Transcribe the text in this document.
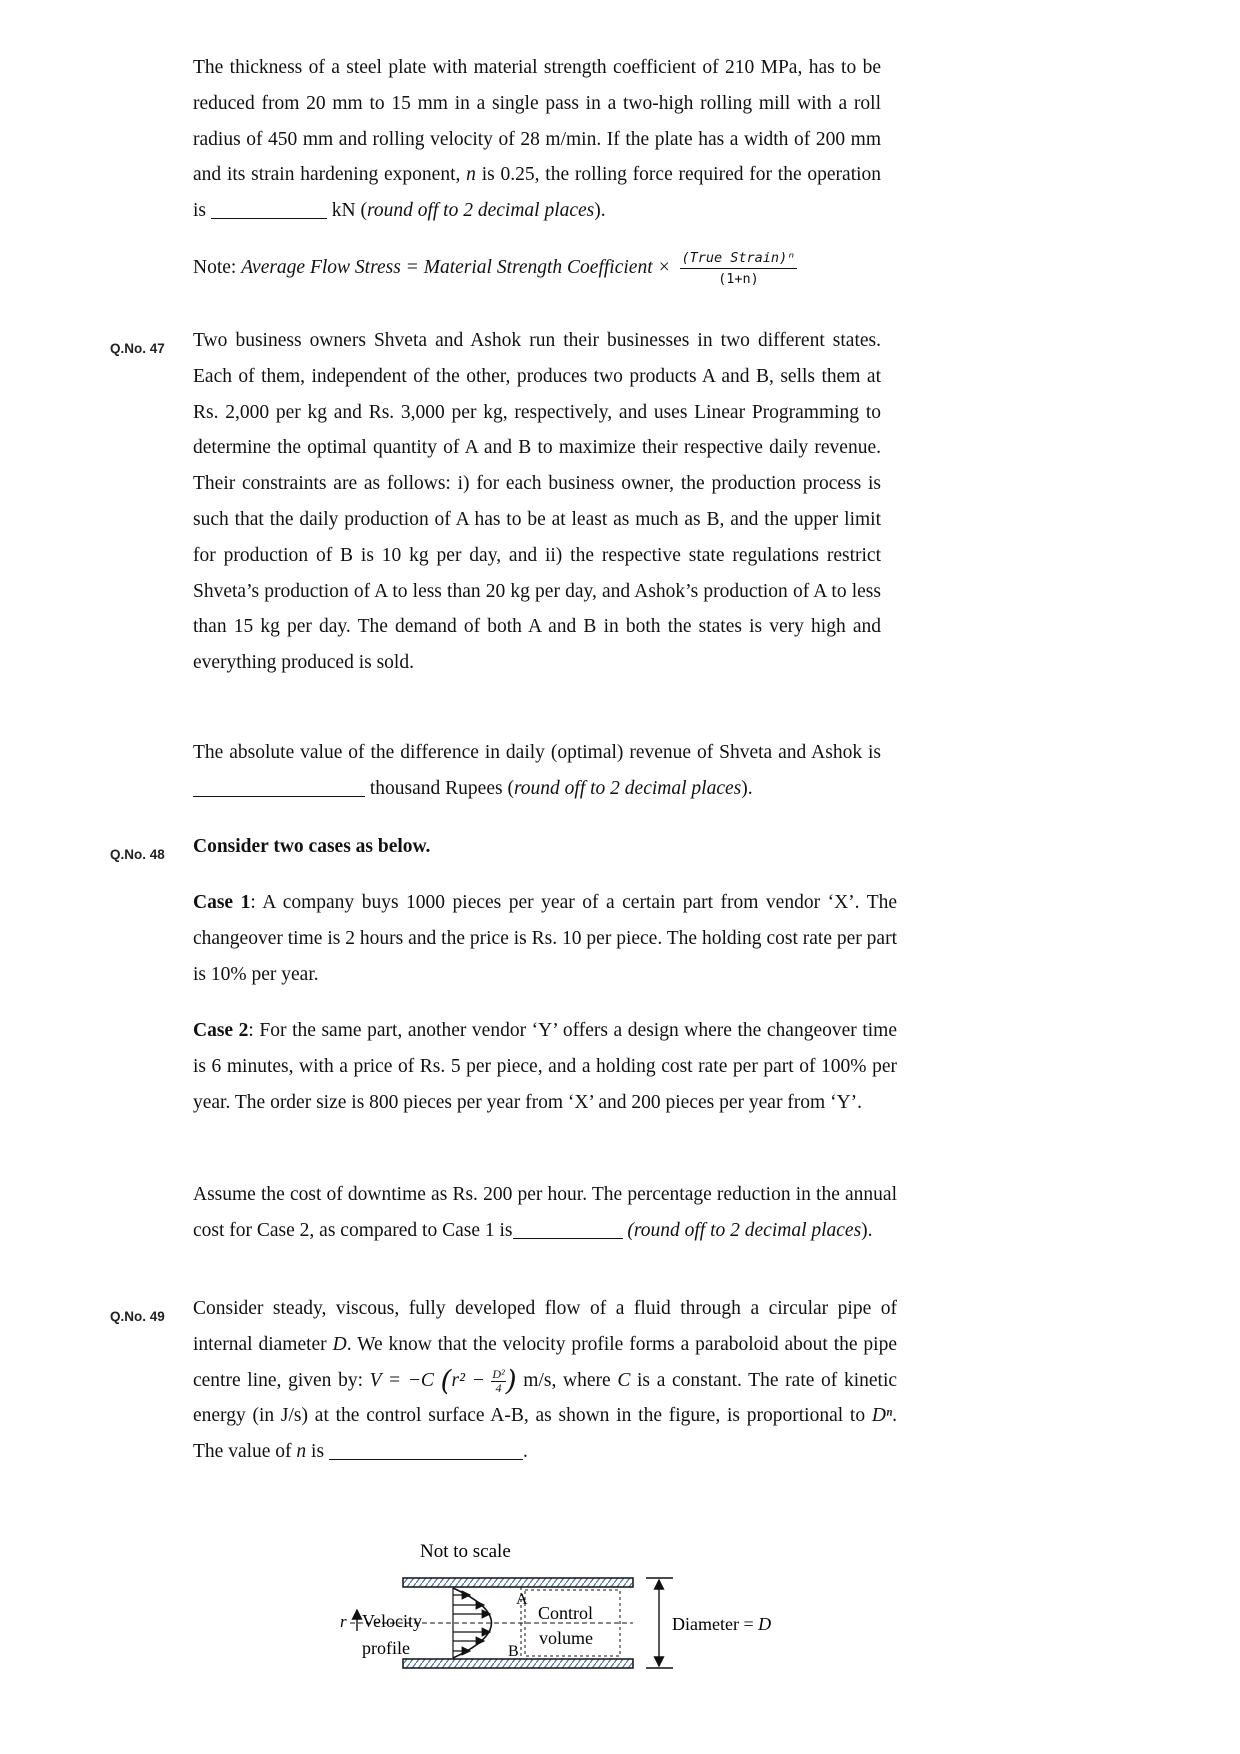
The thickness of a steel plate with material strength coefficient of 210 MPa, has to be reduced from 20 mm to 15 mm in a single pass in a two-high rolling mill with a roll radius of 450 mm and rolling velocity of 28 m/min. If the plate has a width of 200 mm and its strain hardening exponent, n is 0.25, the rolling force required for the operation is	kN (round off to 2 decimal places).
Note: Average Flow Stress = Material Strength Coefficient × $\frac{\text{(True Strain)ⁿ}}{(1+n)}$
Q.No. 47 Two business owners Shveta and Ashok run their businesses in two different states. Each of them, independent of the other, produces two products A and B, sells them at Rs. 2,000 per kg and Rs. 3,000 per kg, respectively, and uses Linear Programming to determine the optimal quantity of A and B to maximize their respective daily revenue. Their constraints are as follows: i) for each business owner, the production process is such that the daily production of A has to be at least as much as B, and the upper limit for production of B is 10 kg per day, and ii) the respective state regulations restrict Shveta’s production of A to less than 20 kg per day, and Ashok’s production of A to less than 15 kg per day. The demand of both A and B in both the states is very high and everything produced is sold.
The absolute value of the difference in daily (optimal) revenue of Shveta and Ashok is  thousand Rupees (round off to 2 decimal places).
Q.No. 48 Consider two cases as below.
Case 1: A company buys 1000 pieces per year of a certain part from vendor ‘X’. The changeover time is 2 hours and the price is Rs. 10 per piece. The holding cost rate per part is 10% per year.
Case 2: For the same part, another vendor ‘Y’ offers a design where the changeover time is 6 minutes, with a price of Rs. 5 per piece, and a holding cost rate per part of 100% per year. The order size is 800 pieces per year from ‘X’ and 200 pieces per year from ‘Y’.
Assume the cost of downtime as Rs. 200 per hour. The percentage reduction in the annual cost for Case 2, as compared to Case 1 is	(round off to 2 decimal places).
Q.No. 49 Consider steady, viscous, fully developed flow of a fluid through a circular pipe of internal diameter D. We know that the velocity profile forms a paraboloid about the pipe centre line, given by: V = −C ($r^2 - \frac{\text{D²}}{4}$ ) m/s, where C is a constant. The rate of kinetic energy (in J/s) at the control surface A-B, as shown in the figure, is proportional to Dⁿ. The value of n is	.
Not to scale
r Velocity
profile
A
B
Control
volume
Diameter = D
